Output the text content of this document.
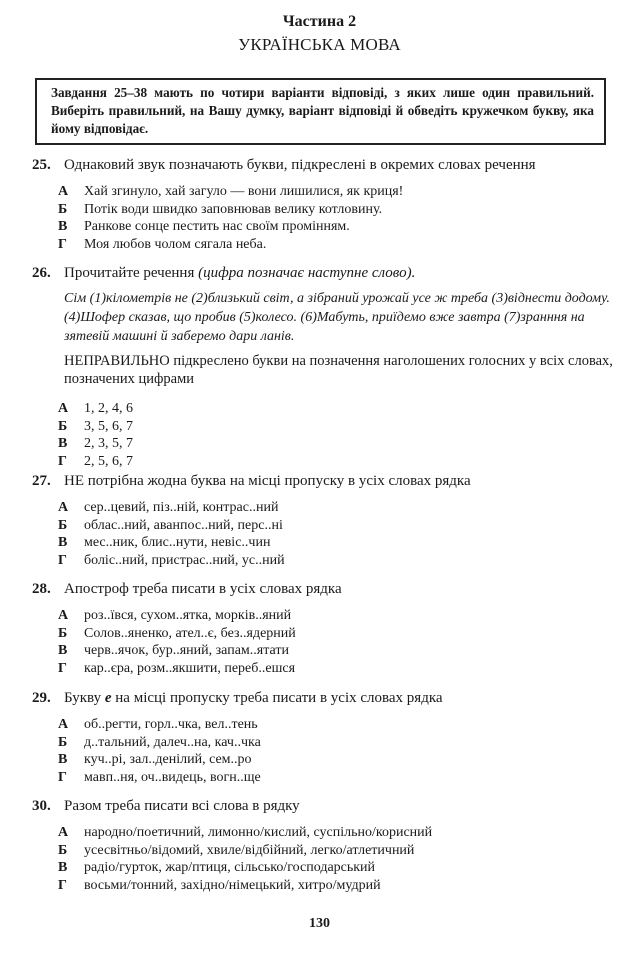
Частина 2
УКРАЇНСЬКА МОВА
Завдання 25–38 мають по чотири варіанти відповіді, з яких лише один правильний. Виберіть правильний, на Вашу думку, варіант відповіді й обведіть кружечком букву, яка йому відповідає.
25. Однаковий звук позначають букви, підкреслені в окремих словах речення
А	Хай згинуло, хай загуло — вони лишилися, як криця!
Б	Потік води швидко заповнював велику котловину.
В	Ранкове сонце пестить нас своїм промінням.
Г	Моя любов чолом сягала неба.
26. Прочитайте речення (цифра позначає наступне слово).
Сім (1)кілометрів не (2)близький світ, а зібраний урожай усе ж треба (3)віднести додому. (4)Шофер сказав, що пробив (5)колесо. (6)Мабуть, приїдемо вже завтра (7)зранння на зятевій машині й заберемо дари ланів.
НЕПРАВИЛЬНО підкреслено букви на позначення наголошених голосних у всіх словах, позначених цифрами
А	1, 2, 4, 6
Б	3, 5, 6, 7
В	2, 3, 5, 7
Г	2, 5, 6, 7
27. НЕ потрібна жодна буква на місці пропуску в усіх словах рядка
А	сер..цевий, піз..ній, контрас..ний
Б	облас..ний, аванпос..ний, перс..ні
В	мес..ник, блис..нути, невіс..чин
Г	боліс..ний, пристрас..ний, ус..ний
28. Апостроф треба писати в усіх словах рядка
А	роз..ївся, сухом..ятка, морків..яний
Б	Солов..яненко, ател..є, без..ядерний
В	черв..ячок, бур..яний, запам..ятати
Г	кар..єра, розм..якшити, переб..ешся
29. Букву е на місці пропуску треба писати в усіх словах рядка
А	об..регти, горл..чка, вел..тень
Б	д..тальний, далеч..на, кач..чка
В	куч..рі, зал..денілий, сем..ро
Г	мавп..ня, оч..видець, вогн..ще
30. Разом треба писати всі слова в рядку
А	народно/поетичний, лимонно/кислий, суспільно/корисний
Б	усесвітньо/відомий, хвиле/відбійний, легко/атлетичний
В	радіо/гурток, жар/птиця, сільсько/господарський
Г	восьми/тонний, західно/німецький, хитро/мудрий
130
